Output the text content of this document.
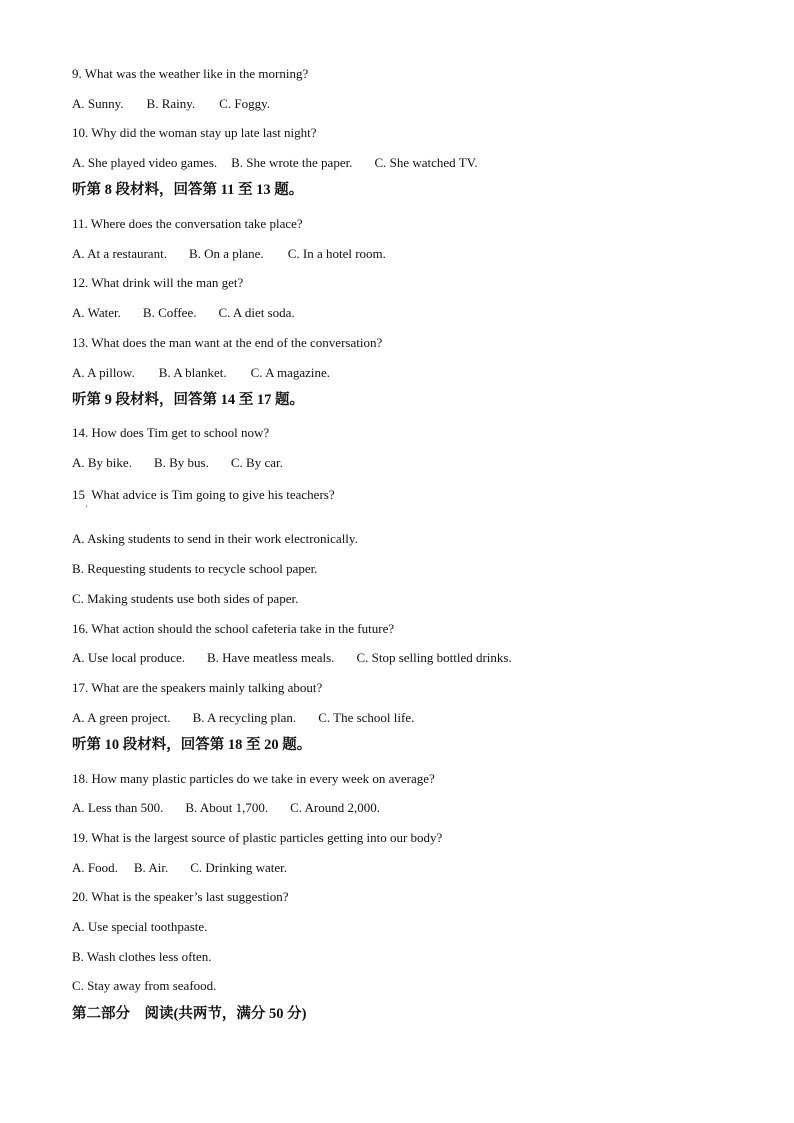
9. What was the weather like in the morning?
A. Sunny. B. Rainy. C. Foggy.
10. Why did the woman stay up late last night?
A. She played video games. B. She wrote the paper. C. She watched TV.
听第 8 段材料，回答第 11 至 13 题。
11. Where does the conversation take place?
A. At a restaurant. B. On a plane. C. In a hotel room.
12. What drink will the man get?
A. Water. B. Coffee. C. A diet soda.
13. What does the man want at the end of the conversation?
A. A pillow. B. A blanket. C. A magazine.
听第 9 段材料，回答第 14 至 17 题。
14. How does Tim get to school now?
A. By bike. B. By bus. C. By car.
15  What advice is Tim going to give his teachers?
A. Asking students to send in their work electronically.
B. Requesting students to recycle school paper.
C. Making students use both sides of paper.
16. What action should the school cafeteria take in the future?
A. Use local produce. B. Have meatless meals. C. Stop selling bottled drinks.
17. What are the speakers mainly talking about?
A. A green project. B. A recycling plan. C. The school life.
听第 10 段材料，回答第 18 至 20 题。
18. How many plastic particles do we take in every week on average?
A. Less than 500. B. About 1,700. C. Around 2,000.
19. What is the largest source of plastic particles getting into our body?
A. Food. B. Air. C. Drinking water.
20. What is the speaker’s last suggestion?
A. Use special toothpaste.
B. Wash clothes less often.
C. Stay away from seafood.
第二部分    阅读(共两节，满分 50 分)
'
